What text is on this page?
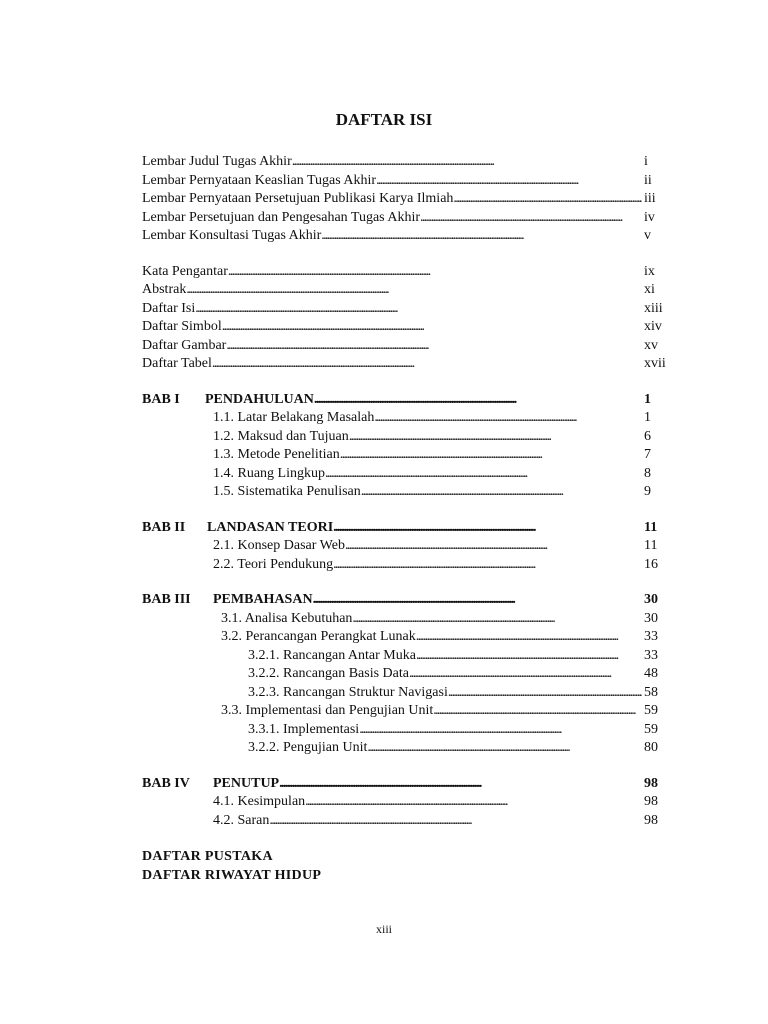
DAFTAR ISI
Lembar Judul Tugas Akhir . . .	i
Lembar Pernyataan Keaslian Tugas Akhir . . .	ii
Lembar Pernyataan Persetujuan Publikasi Karya Ilmiah . . .	iii
Lembar Persetujuan dan Pengesahan Tugas Akhir . . .	iv
Lembar Konsultasi Tugas Akhir . . .	v
Kata Pengantar . . .	ix
Abstrak . . .	xi
Daftar Isi . . .	xiii
Daftar Simbol . . .	xiv
Daftar Gambar . . .	xv
Daftar Tabel . . .	xvii
BAB I PENDAHULUAN . . .	1
1.1. Latar Belakang Masalah . . .	1
1.2. Maksud dan Tujuan . . .	6
1.3. Metode Penelitian . . .	7
1.4. Ruang Lingkup . . .	8
1.5. Sistematika Penulisan . . .	9
BAB II LANDASAN TEORI . . .	11
2.1. Konsep Dasar Web . . .	11
2.2. Teori Pendukung . . .	16
BAB III PEMBAHASAN . . .	30
3.1. Analisa Kebutuhan . . .	30
3.2. Perancangan Perangkat Lunak . . .	33
3.2.1. Rancangan Antar Muka . . .	33
3.2.2. Rancangan Basis Data . . .	48
3.2.3. Rancangan Struktur Navigasi . . .	58
3.3. Implementasi dan Pengujian Unit . . .	59
3.3.1. Implementasi . . .	59
3.2.2. Pengujian Unit . . .	80
BAB IV PENUTUP . . .	98
4.1. Kesimpulan . . .	98
4.2. Saran . . .	98
DAFTAR PUSTAKA
DAFTAR RIWAYAT HIDUP
xiii
